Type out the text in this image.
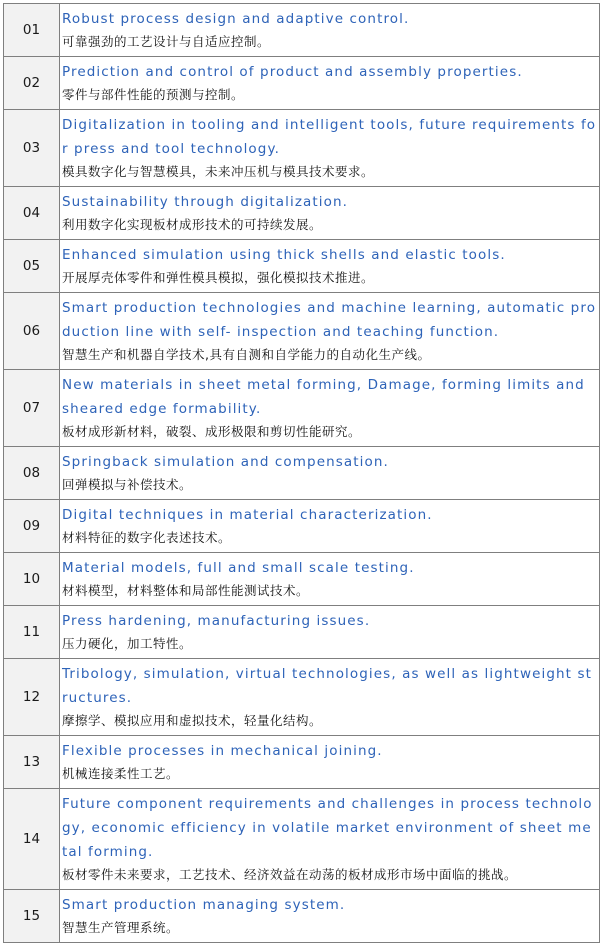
01	Robust process design and adaptive control.
可靠强劲的工艺设计与自适应控制。

02	Prediction and control of product and assembly properties.
零件与部件性能的预测与控制。

03	Digitalization in tooling and intelligent tools, future requirements for press and tool technology.
模具数字化与智慧模具，未来冲压机与模具技术要求。

04	Sustainability through digitalization.
利用数字化实现板材成形技术的可持续发展。

05	Enhanced simulation using thick shells and elastic tools.
开展厚壳体零件和弹性模具模拟，强化模拟技术推进。

06	Smart production technologies and machine learning, automatic production line with self- inspection and teaching function.
智慧生产和机器自学技术,具有自测和自学能力的自动化生产线。

07	New materials in sheet metal forming, Damage, forming limits and sheared edge formability.
板材成形新材料，破裂、成形极限和剪切性能研究。

08	Springback simulation and compensation.
回弹模拟与补偿技术。

09	Digital techniques in material characterization.
材料特征的数字化表述技术。

10	Material models, full and small scale testing.
材料模型，材料整体和局部性能测试技术。

11	Press hardening, manufacturing issues.
压力硬化，加工特性。

12	Tribology, simulation, virtual technologies, as well as lightweight structures.
摩擦学、模拟应用和虚拟技术，轻量化结构。

13	Flexible processes in mechanical joining.
机械连接柔性工艺。

14	Future component requirements and challenges in process technology, economic efficiency in volatile market environment of sheet metal forming.
板材零件未来要求，工艺技术、经济效益在动荡的板材成形市场中面临的挑战。

15	Smart production managing system.
智慧生产管理系统。
